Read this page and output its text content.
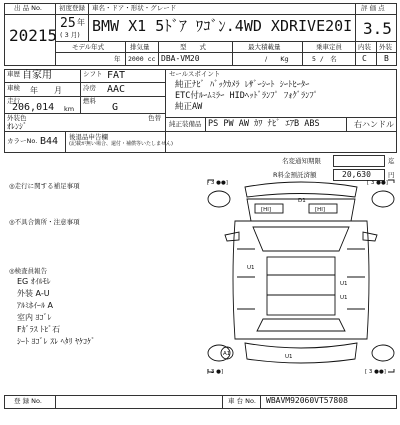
出 品 No.
20215
初度登録
25 年
( 3 月)
車名・ドア・形状・グレード
BMW X1 5ﾄﾞｱ ﾜｺﾞﾝ.4WD XDRIVE20I
評 価 点
3.5
内装 外装
C B
モデル年式
年
排気量
2000 cc
型　　式
DBA-VM20
最大積載量
/　　Kg
乗車定員
5 /　名
車歴 自家用	シフト FAT
車検 年　　月	冷房 AAC
走行
206,014 km
燃料
G
外装色
ｵﾚﾝｼﾞ
色替
カラーNo. B44
セールスポイント
純正ﾅﾋﾞ ﾊﾞｯｸｶﾒﾗ ﾚｻﾞｰｼｰﾄ ｼｰﾄﾋｰﾀｰ
ETC付ﾙｰﾑﾐﾗｰ HIDﾍｯﾄﾞﾗﾝﾌﾟ ﾌｫｸﾞﾗﾝﾌﾟ
純正AW
純正装備品 PS PW AW ｶﾜ ﾅﾋﾞ ｴｱB ABS	右ハンドル
後退品申告欄
(記載が無い場合、還付・補償等いたしません)
名変通知期限	迄
R料金預託済額	20,630	円
◎走行に関する補足事項
◎不具合箇所・注意事項
◎検査員報告
EG ｵｲﾙﾓﾚ
外装 A-U
ｱﾙﾐﾎｲｰﾙ A
室内 ﾖｺﾞﾚ
Fｶﾞﾗｽ ﾄﾋﾞ石
ｼｰﾄ ﾖｺﾞﾚ ｽﾚ ﾍﾀﾘ ﾔｹｺｹﾞ
[ 3 ●●]	[ 3 ●●]
[ 3 ●]	[ 3 ●●]
[HI]	[HI]
D1
U1
U1
U1
A1	U1
登 録 No.	車 台 No. WBAVM92060VT57808
